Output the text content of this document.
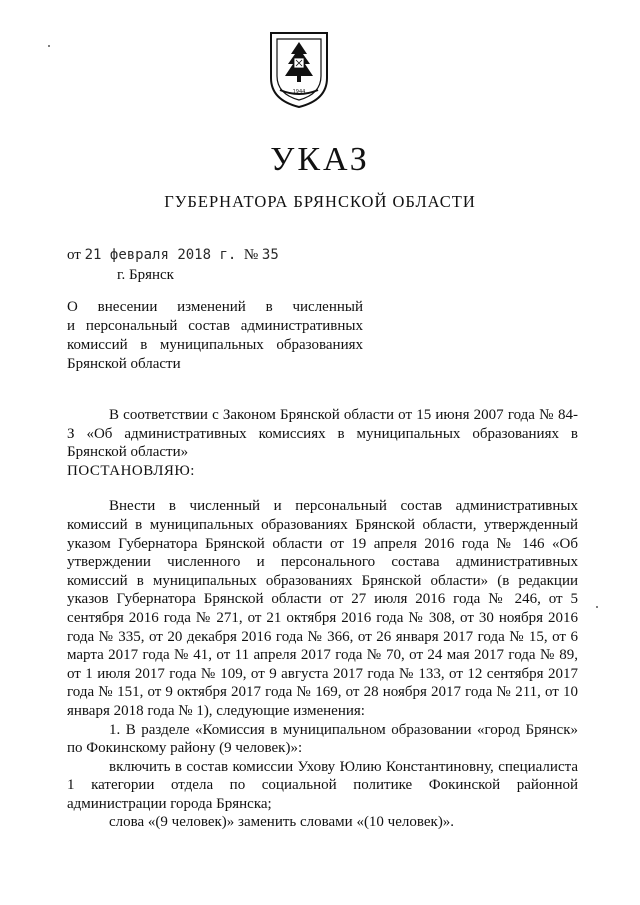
1944
УКАЗ
ГУБЕРНАТОРА БРЯНСКОЙ ОБЛАСТИ
от 21 февраля 2018 г. № 35
г. Брянск
О внесении изменений в численный
и персональный состав административных
комиссий в муниципальных образованиях
Брянской области

В соответствии с Законом Брянской области от 15 июня 2007 года № 84-З «Об административных комиссиях в муниципальных образованиях в Брянской области»

ПОСТАНОВЛЯЮ:

Внести в численный и персональный состав административных комиссий в муниципальных образованиях Брянской области, утвержденный указом Губернатора Брянской области от 19 апреля 2016 года № 146 «Об утверждении численного и персонального состава административных комиссий в муниципальных образованиях Брянской области» (в редакции указов Губернатора Брянской области от 27 июля 2016 года № 246, от 5 сентября 2016 года № 271, от 21 октября 2016 года № 308, от 30 ноября 2016 года № 335, от 20 декабря 2016 года № 366, от 26 января 2017 года № 15, от 6 марта 2017 года № 41, от 11 апреля 2017 года № 70, от 24 мая 2017 года № 89, от 1 июля 2017 года № 109, от 9 августа 2017 года № 133, от 12 сентября 2017 года № 151, от 9 октября 2017 года № 169, от 28 ноября 2017 года № 211, от 10 января 2018 года № 1), следующие изменения:

1. В разделе «Комиссия в муниципальном образовании «город Брянск» по Фокинскому району (9 человек)»:

включить в состав комиссии Ухову Юлию Константиновну, специалиста 1 категории отдела по социальной политике Фокинской районной администрации города Брянска;

слова «(9 человек)» заменить словами «(10 человек)».
